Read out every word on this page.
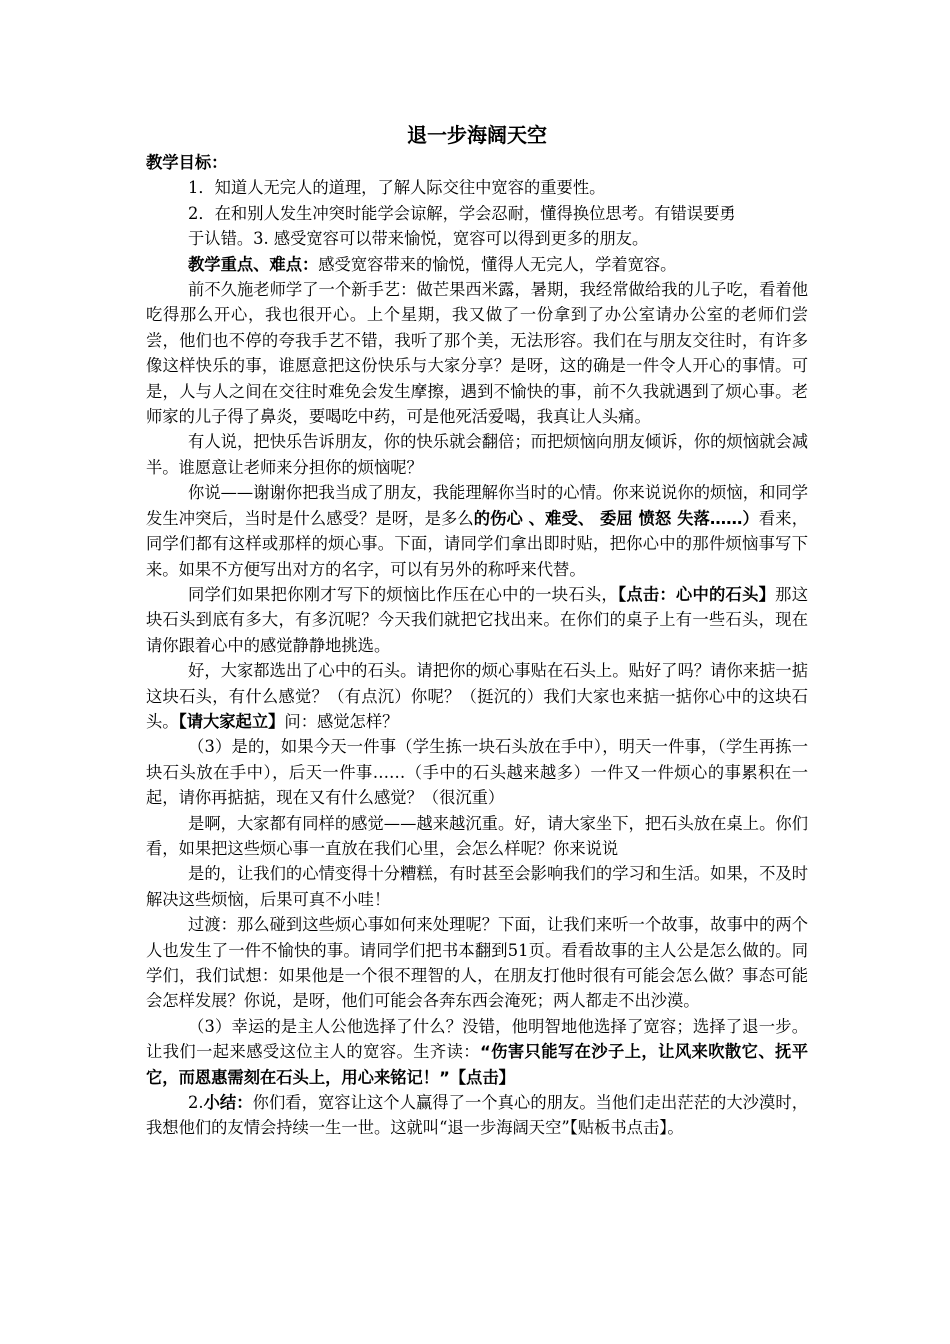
退一步海阔天空

教学目标：

1．知道人无完人的道理，了解人际交往中宽容的重要性。

2．在和别人发生冲突时能学会谅解，学会忍耐，懂得换位思考。有错误要勇

于认错。3. 感受宽容可以带来愉悦，宽容可以得到更多的朋友。

教学重点、难点：感受宽容带来的愉悦，懂得人无完人，学着宽容。

前不久施老师学了一个新手艺：做芒果西米露，暑期，我经常做给我的儿子吃，看着他吃得那么开心，我也很开心。上个星期，我又做了一份拿到了办公室请办公室的老师们尝尝，他们也不停的夸我手艺不错，我听了那个美，无法形容。我们在与朋友交往时，有许多像这样快乐的事，谁愿意把这份快乐与大家分享？是呀，这的确是一件令人开心的事情。可是，人与人之间在交往时难免会发生摩擦，遇到不愉快的事，前不久我就遇到了烦心事。老师家的儿子得了鼻炎，要喝吃中药，可是他死活爱喝，我真让人头痛。

有人说，把快乐告诉朋友，你的快乐就会翻倍；而把烦恼向朋友倾诉，你的烦恼就会减半。谁愿意让老师来分担你的烦恼呢？

你说——谢谢你把我当成了朋友，我能理解你当时的心情。你来说说你的烦恼，和同学发生冲突后，当时是什么感受？是呀，是多么的伤心 、难受、 委屈 愤怒 失落……）看来，同学们都有这样或那样的烦心事。下面，请同学们拿出即时贴，把你心中的那件烦恼事写下来。如果不方便写出对方的名字，可以有另外的称呼来代替。

同学们如果把你刚才写下的烦恼比作压在心中的一块石头，【点击：心中的石头】那这块石头到底有多大，有多沉呢？今天我们就把它找出来。在你们的桌子上有一些石头，现在请你跟着心中的感觉静静地挑选。

好，大家都选出了心中的石头。请把你的烦心事贴在石头上。贴好了吗？请你来掂一掂这块石头，有什么感觉？（有点沉）你呢？（挺沉的）我们大家也来掂一掂你心中的这块石头。【请大家起立】问：感觉怎样？

（3）是的，如果今天一件事（学生拣一块石头放在手中），明天一件事，（学生再拣一块石头放在手中），后天一件事……（手中的石头越来越多）一件又一件烦心的事累积在一起，请你再掂掂，现在又有什么感觉？（很沉重）

是啊，大家都有同样的感觉——越来越沉重。好，请大家坐下，把石头放在桌上。你们看，如果把这些烦心事一直放在我们心里，会怎么样呢？你来说说

是的，让我们的心情变得十分糟糕，有时甚至会影响我们的学习和生活。如果，不及时解决这些烦恼，后果可真不小哇！

过渡：那么碰到这些烦心事如何来处理呢？下面，让我们来听一个故事，故事中的两个人也发生了一件不愉快的事。请同学们把书本翻到51页。看看故事的主人公是怎么做的。同学们，我们试想：如果他是一个很不理智的人，在朋友打他时很有可能会怎么做？事态可能会怎样发展？你说，是呀，他们可能会各奔东西会淹死；两人都走不出沙漠。

（3）幸运的是主人公他选择了什么？没错，他明智地他选择了宽容；选择了退一步。让我们一起来感受这位主人的宽容。生齐读：“伤害只能写在沙子上，让风来吹散它、抚平它，而恩惠需刻在石头上，用心来铭记！”【点击】

2.小结：你们看，宽容让这个人赢得了一个真心的朋友。当他们走出茫茫的大沙漠时，我想他们的友情会持续一生一世。这就叫“退一步海阔天空”【贴板书点击】。
